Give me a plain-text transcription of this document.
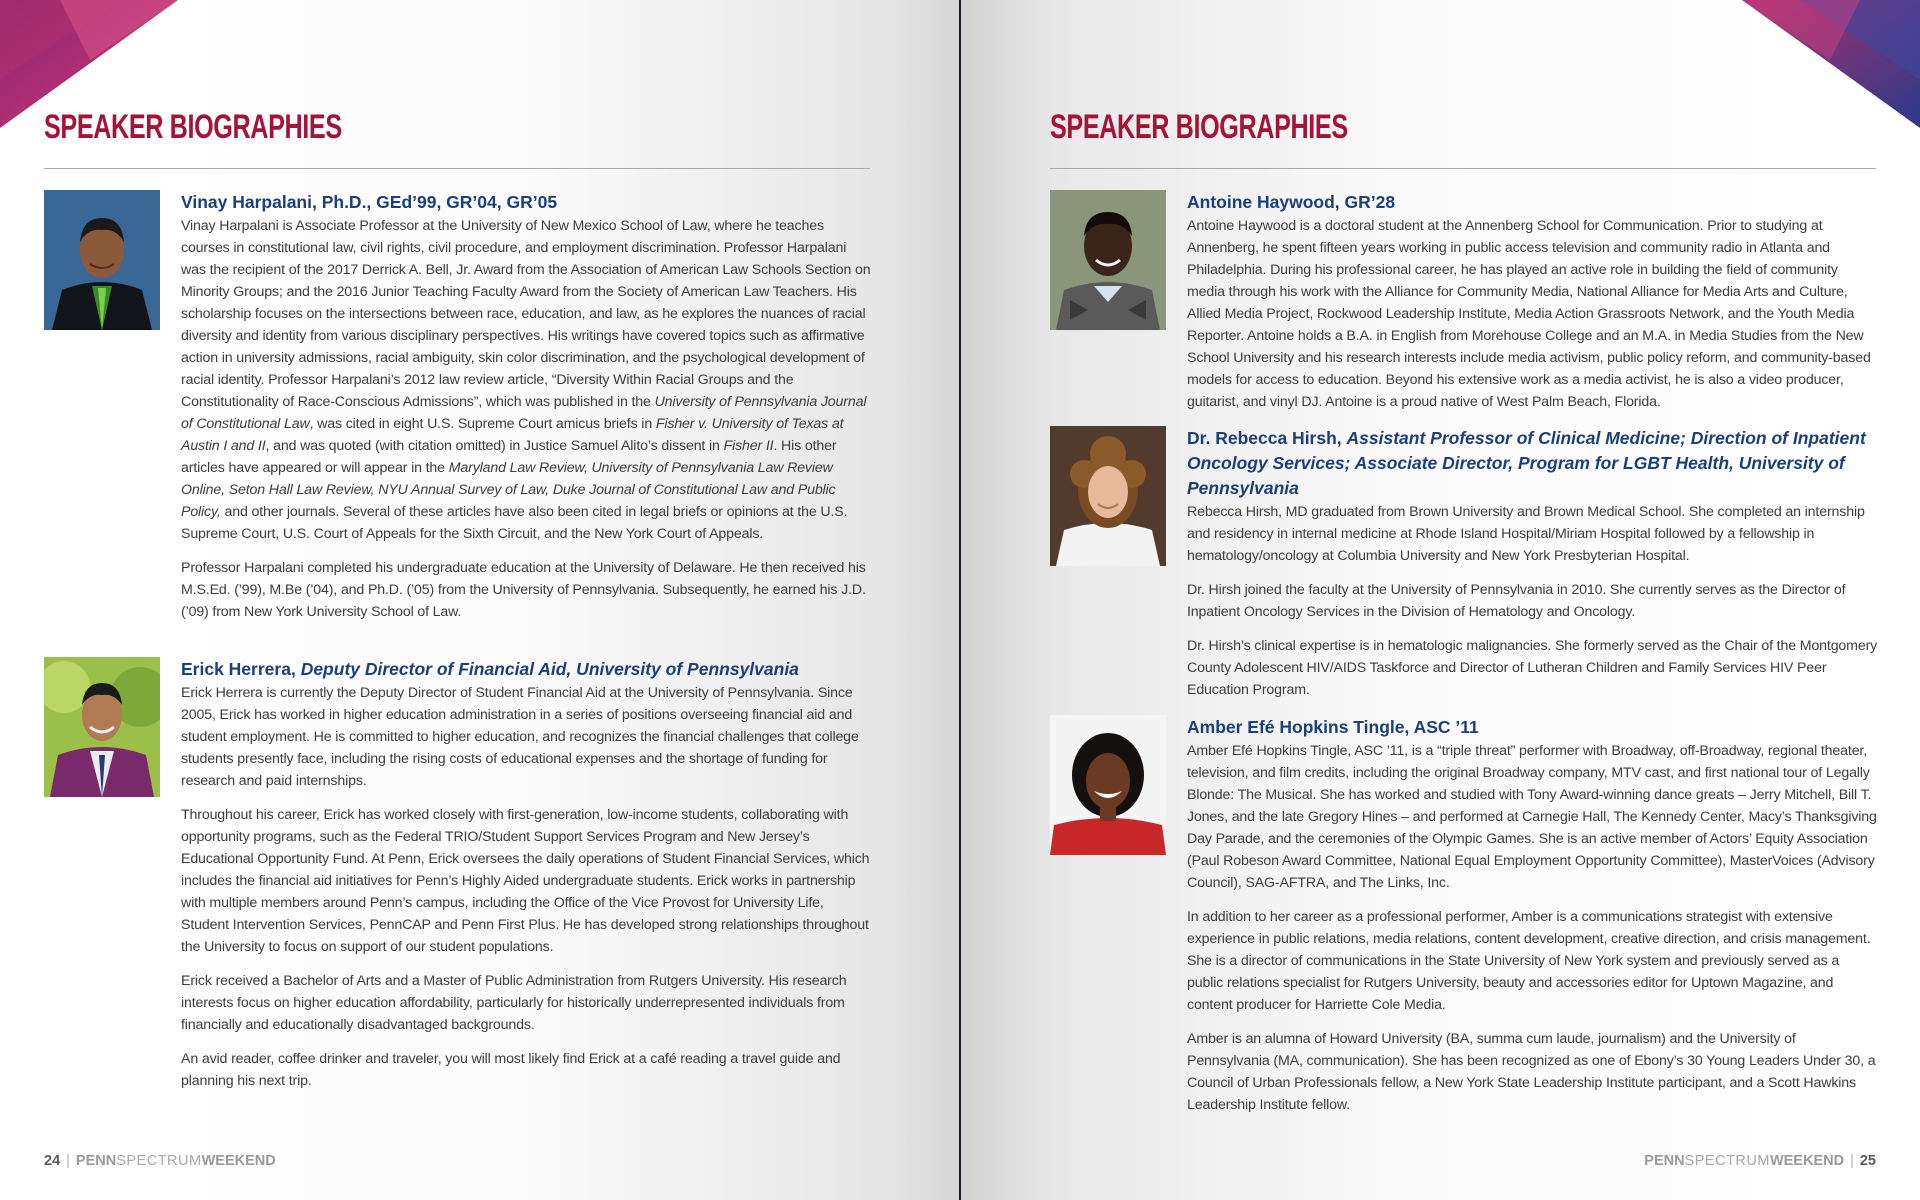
SPEAKER BIOGRAPHIES
Vinay Harpalani, Ph.D., GEd’99, GR’04, GR’05

Vinay Harpalani is Associate Professor at the University of New Mexico School of Law, where he teaches courses in constitutional law, civil rights, civil procedure, and employment discrimination. Professor Harpalani was the recipient of the 2017 Derrick A. Bell, Jr. Award from the Association of American Law Schools Section on Minority Groups; and the 2016 Junior Teaching Faculty Award from the Society of American Law Teachers. His scholarship focuses on the intersections between race, education, and law, as he explores the nuances of racial diversity and identity from various disciplinary perspectives. His writings have covered topics such as affirmative action in university admissions, racial ambiguity, skin color discrimination, and the psychological development of racial identity. Professor Harpalani’s 2012 law review article, “Diversity Within Racial Groups and the Constitutionality of Race-Conscious Admissions”, which was published in the University of Pennsylvania Journal of Constitutional Law, was cited in eight U.S. Supreme Court amicus briefs in Fisher v. University of Texas at Austin I and II, and was quoted (with citation omitted) in Justice Samuel Alito’s dissent in Fisher II. His other articles have appeared or will appear in the Maryland Law Review, University of Pennsylvania Law Review Online, Seton Hall Law Review, NYU Annual Survey of Law, Duke Journal of Constitutional Law and Public Policy, and other journals. Several of these articles have also been cited in legal briefs or opinions at the U.S. Supreme Court, U.S. Court of Appeals for the Sixth Circuit, and the New York Court of Appeals.

Professor Harpalani completed his undergraduate education at the University of Delaware. He then received his M.S.Ed. (’99), M.Be (’04), and Ph.D. (’05) from the University of Pennsylvania. Subsequently, he earned his J.D. (’09) from New York University School of Law.

Erick Herrera, Deputy Director of Financial Aid, University of Pennsylvania

Erick Herrera is currently the Deputy Director of Student Financial Aid at the University of Pennsylvania. Since 2005, Erick has worked in higher education administration in a series of positions overseeing financial aid and student employment. He is committed to higher education, and recognizes the financial challenges that college students presently face, including the rising costs of educational expenses and the shortage of funding for research and paid internships.

Throughout his career, Erick has worked closely with first-generation, low-income students, collaborating with opportunity programs, such as the Federal TRIO/Student Support Services Program and New Jersey’s Educational Opportunity Fund. At Penn, Erick oversees the daily operations of Student Financial Services, which includes the financial aid initiatives for Penn’s Highly Aided undergraduate students. Erick works in partnership with multiple members around Penn’s campus, including the Office of the Vice Provost for University Life, Student Intervention Services, PennCAP and Penn First Plus. He has developed strong relationships throughout the University to focus on support of our student populations.

Erick received a Bachelor of Arts and a Master of Public Administration from Rutgers University. His research interests focus on higher education affordability, particularly for historically underrepresented individuals from financially and educationally disadvantaged backgrounds.

An avid reader, coffee drinker and traveler, you will most likely find Erick at a café reading a travel guide and planning his next trip.

24 | PENNSPECTRUMWEEKEND
SPEAKER BIOGRAPHIES
Antoine Haywood, GR’28

Antoine Haywood is a doctoral student at the Annenberg School for Communication. Prior to studying at Annenberg, he spent fifteen years working in public access television and community radio in Atlanta and Philadelphia. During his professional career, he has played an active role in building the field of community media through his work with the Alliance for Community Media, National Alliance for Media Arts and Culture, Allied Media Project, Rockwood Leadership Institute, Media Action Grassroots Network, and the Youth Media Reporter. Antoine holds a B.A. in English from Morehouse College and an M.A. in Media Studies from the New School University and his research interests include media activism, public policy reform, and community-based models for access to education. Beyond his extensive work as a media activist, he is also a video producer, guitarist, and vinyl DJ. Antoine is a proud native of West Palm Beach, Florida.

Dr. Rebecca Hirsh, Assistant Professor of Clinical Medicine; Direction of Inpatient Oncology Services; Associate Director, Program for LGBT Health, University of Pennsylvania

Rebecca Hirsh, MD graduated from Brown University and Brown Medical School. She completed an internship and residency in internal medicine at Rhode Island Hospital/Miriam Hospital followed by a fellowship in hematology/oncology at Columbia University and New York Presbyterian Hospital.

Dr. Hirsh joined the faculty at the University of Pennsylvania in 2010. She currently serves as the Director of Inpatient Oncology Services in the Division of Hematology and Oncology.

Dr. Hirsh’s clinical expertise is in hematologic malignancies. She formerly served as the Chair of the Montgomery County Adolescent HIV/AIDS Taskforce and Director of Lutheran Children and Family Services HIV Peer Education Program.

Amber Efé Hopkins Tingle, ASC ’11

Amber Efé Hopkins Tingle, ASC ’11, is a “triple threat” performer with Broadway, off-Broadway, regional theater, television, and film credits, including the original Broadway company, MTV cast, and first national tour of Legally Blonde: The Musical. She has worked and studied with Tony Award-winning dance greats – Jerry Mitchell, Bill T. Jones, and the late Gregory Hines – and performed at Carnegie Hall, The Kennedy Center, Macy’s Thanksgiving Day Parade, and the ceremonies of the Olympic Games. She is an active member of Actors’ Equity Association (Paul Robeson Award Committee, National Equal Employment Opportunity Committee), MasterVoices (Advisory Council), SAG-AFTRA, and The Links, Inc.

In addition to her career as a professional performer, Amber is a communications strategist with extensive experience in public relations, media relations, content development, creative direction, and crisis management. She is a director of communications in the State University of New York system and previously served as a public relations specialist for Rutgers University, beauty and accessories editor for Uptown Magazine, and content producer for Harriette Cole Media.

Amber is an alumna of Howard University (BA, summa cum laude, journalism) and the University of Pennsylvania (MA, communication). She has been recognized as one of Ebony’s 30 Young Leaders Under 30, a Council of Urban Professionals fellow, a New York State Leadership Institute participant, and a Scott Hawkins Leadership Institute fellow.

PENNSPECTRUMWEEKEND | 25
